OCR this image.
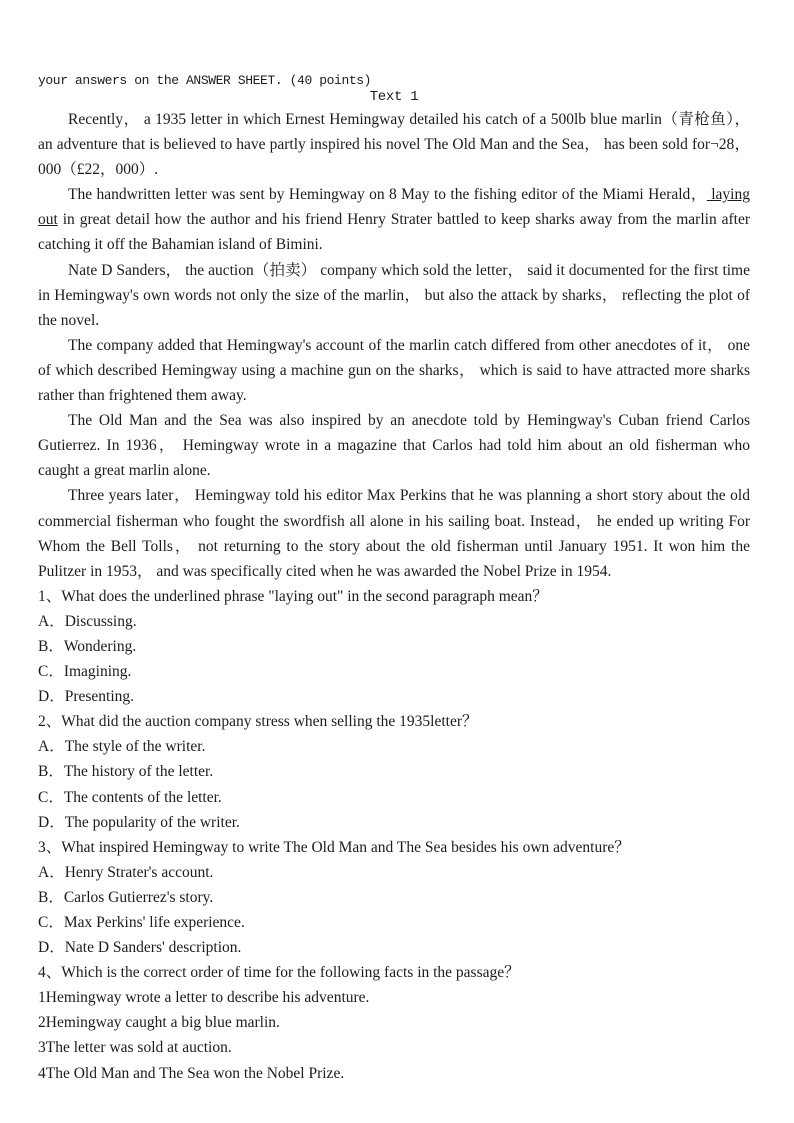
your answers on the ANSWER SHEET. (40 points)

Text 1

Recently， a 1935 letter in which Ernest Hemingway detailed his catch of a 500lb blue marlin（青枪鱼）， an adventure that is believed to have partly inspired his novel The Old Man and the Sea， has been sold for¬28，000（£22，000）.

The handwritten letter was sent by Hemingway on 8 May to the fishing editor of the Miami Herald， laying out in great detail how the author and his friend Henry Strater battled to keep sharks away from the marlin after catching it off the Bahamian island of Bimini.

Nate D Sanders， the auction（拍卖） company which sold the letter， said it documented for the first time in Hemingway's own words not only the size of the marlin， but also the attack by sharks， reflecting the plot of the novel.

The company added that Hemingway's account of the marlin catch differed from other anecdotes of it， one of which described Hemingway using a machine gun on the sharks， which is said to have attracted more sharks rather than frightened them away.

The Old Man and the Sea was also inspired by an anecdote told by Hemingway's Cuban friend Carlos Gutierrez. In 1936， Hemingway wrote in a magazine that Carlos had told him about an old fisherman who caught a great marlin alone.

Three years later， Hemingway told his editor Max Perkins that he was planning a short story about the old commercial fisherman who fought the swordfish all alone in his sailing boat. Instead， he ended up writing For Whom the Bell Tolls， not returning to the story about the old fisherman until January 1951. It won him the Pulitzer in 1953， and was specifically cited when he was awarded the Nobel Prize in 1954.

1、What does the underlined phrase "laying out" in the second paragraph mean？

A．Discussing.

B．Wondering.

C．Imagining.

D．Presenting.

2、What did the auction company stress when selling the 1935letter？

A．The style of the writer.

B．The history of the letter.

C．The contents of the letter.

D．The popularity of the writer.

3、What inspired Hemingway to write The Old Man and The Sea besides his own adventure？

A．Henry Strater's account.

B．Carlos Gutierrez's story.

C．Max Perkins' life experience.

D．Nate D Sanders' description.

4、Which is the correct order of time for the following facts in the passage？

1Hemingway wrote a letter to describe his adventure.

2Hemingway caught a big blue marlin.

3The letter was sold at auction.

4The Old Man and The Sea won the Nobel Prize.
